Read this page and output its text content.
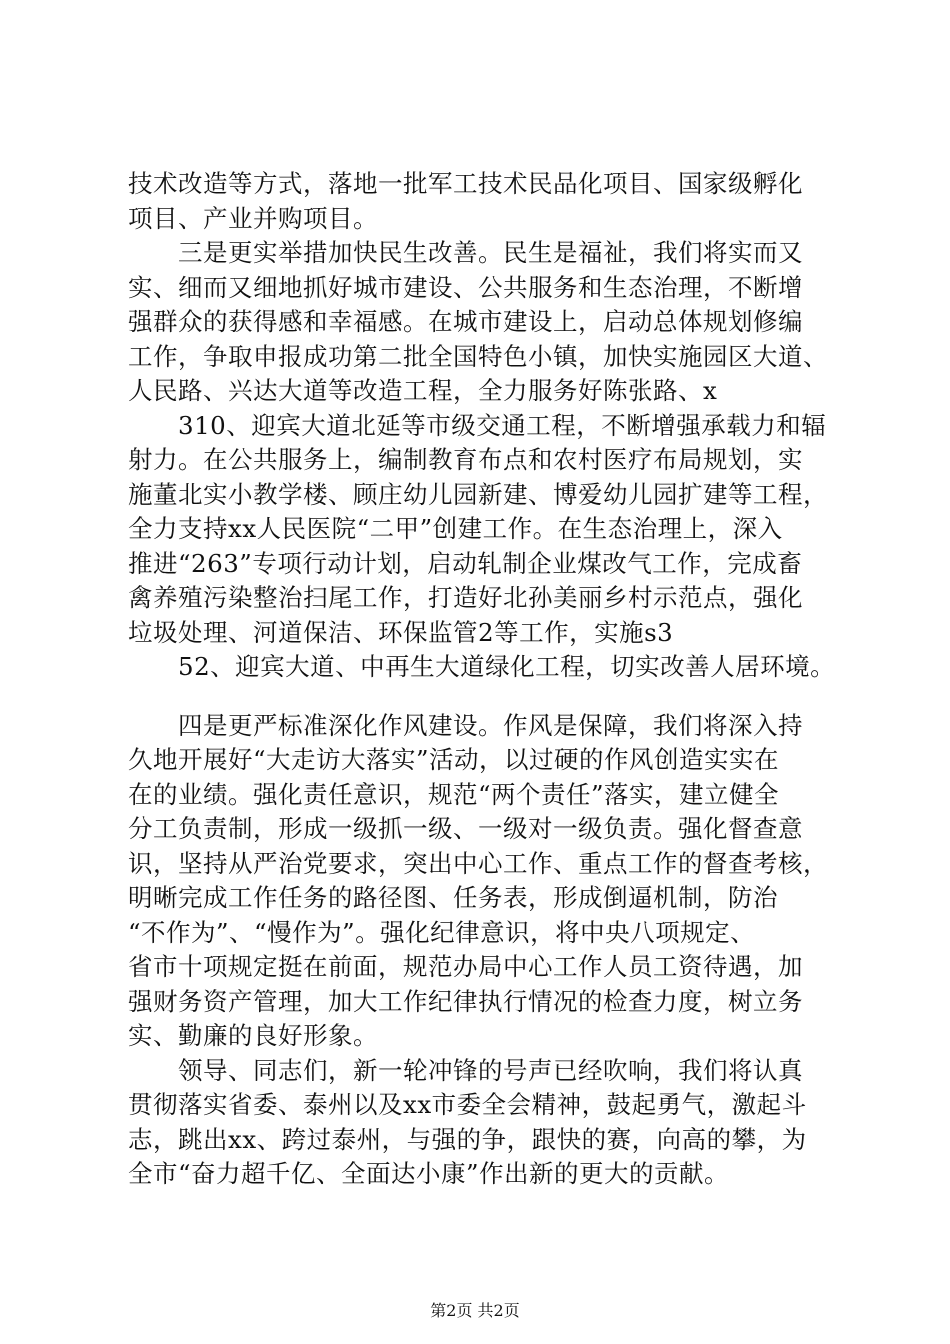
技术改造等方式，落地一批军工技术民品化项目、国家级孵化
项目、产业并购项目。
三是更实举措加快民生改善。民生是福祉，我们将实而又
实、细而又细地抓好城市建设、公共服务和生态治理，不断增
强群众的获得感和幸福感。在城市建设上，启动总体规划修编
工作，争取申报成功第二批全国特色小镇，加快实施园区大道、
人民路、兴达大道等改造工程，全力服务好陈张路、x
310、迎宾大道北延等市级交通工程，不断增强承载力和辐
射力。在公共服务上，编制教育布点和农村医疗布局规划，实
施董北实小教学楼、顾庄幼儿园新建、博爱幼儿园扩建等工程，
全力支持xx人民医院“二甲”创建工作。在生态治理上，深入
推进“263”专项行动计划，启动轧制企业煤改气工作，完成畜
禽养殖污染整治扫尾工作，打造好北孙美丽乡村示范点，强化
垃圾处理、河道保洁、环保监管2等工作，实施s3
52、迎宾大道、中再生大道绿化工程，切实改善人居环境。
四是更严标准深化作风建设。作风是保障，我们将深入持
久地开展好“大走访大落实”活动，以过硬的作风创造实实在
在的业绩。强化责任意识，规范“两个责任”落实，建立健全
分工负责制，形成一级抓一级、一级对一级负责。强化督查意
识，坚持从严治党要求，突出中心工作、重点工作的督查考核，
明晰完成工作任务的路径图、任务表，形成倒逼机制，防治
“不作为”、“慢作为”。强化纪律意识，将中央八项规定、
省市十项规定挺在前面，规范办局中心工作人员工资待遇，加
强财务资产管理，加大工作纪律执行情况的检查力度，树立务
实、勤廉的良好形象。
领导、同志们，新一轮冲锋的号声已经吹响，我们将认真
贯彻落实省委、泰州以及xx市委全会精神，鼓起勇气，激起斗
志，跳出xx、跨过泰州，与强的争，跟快的赛，向高的攀，为
全市“奋力超千亿、全面达小康”作出新的更大的贡献。
第2页 共2页
